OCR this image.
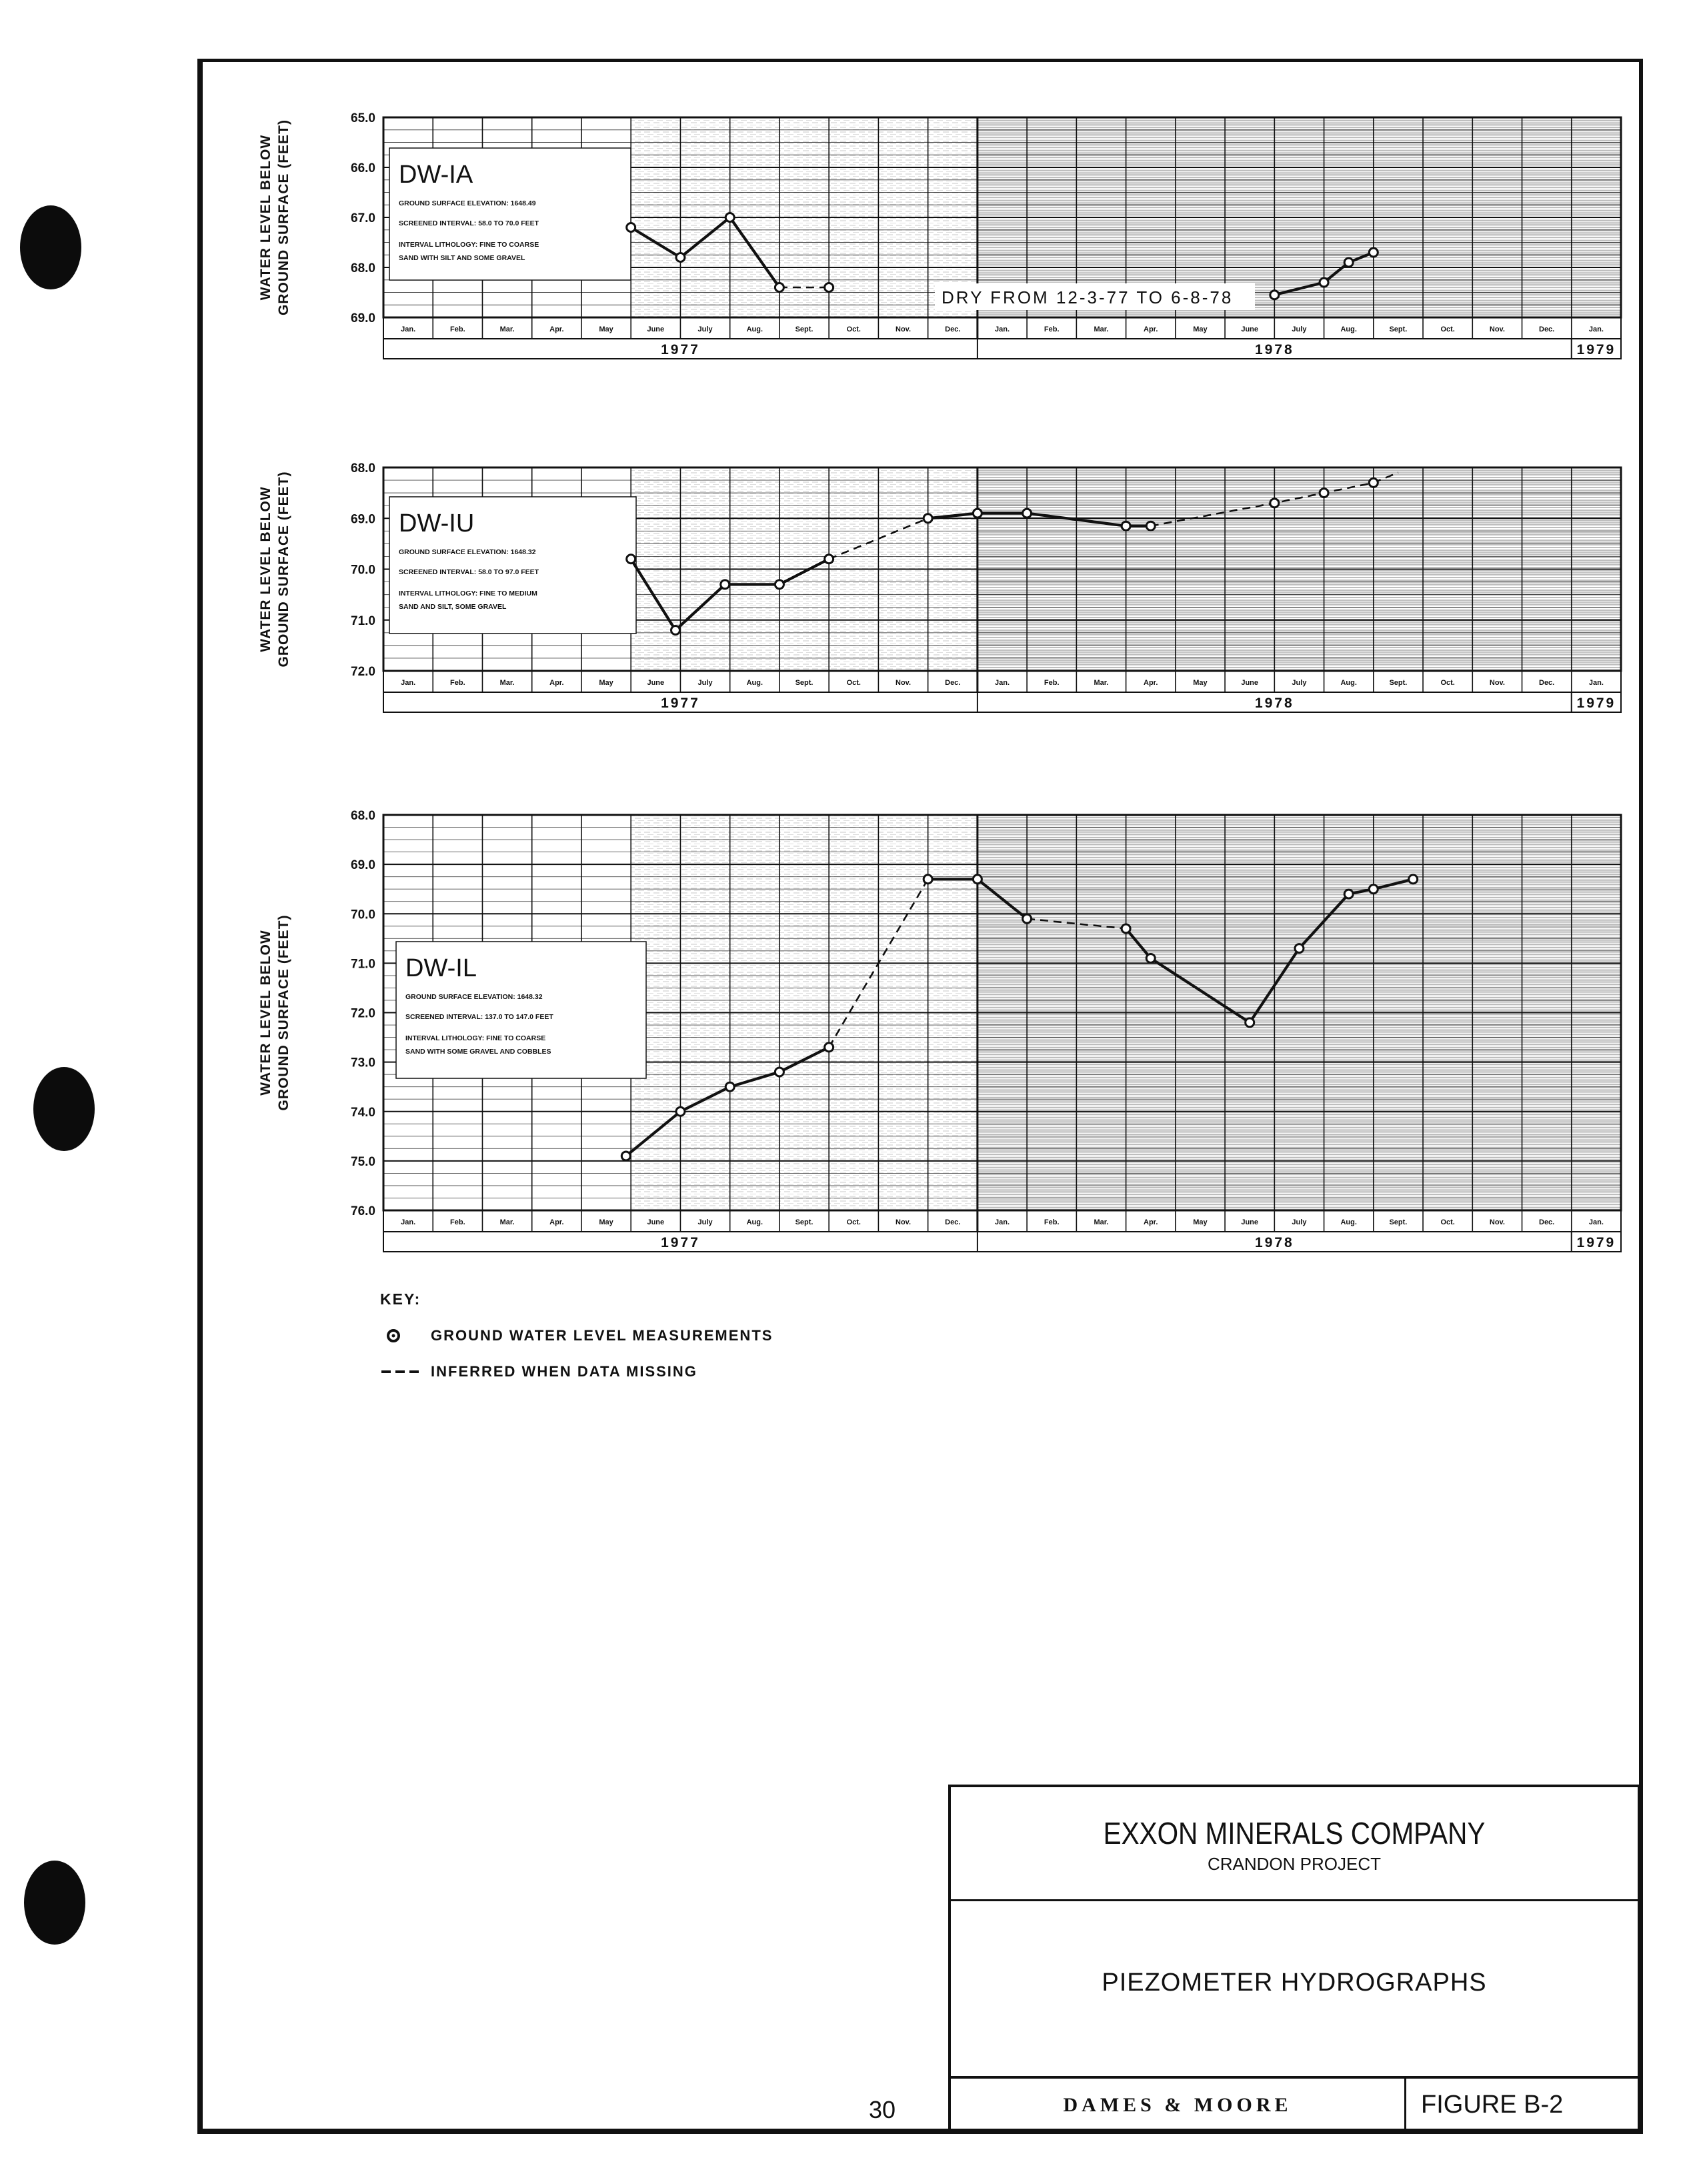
65.0
66.0
67.0
68.0
69.0
Jan.	Feb.	Mar.	Apr.	May	June	July	Aug.	Sept.	Oct.	Nov.	Dec.	Jan.	Feb.	Mar.	Apr.	May	June	July	Aug.	Sept.	Oct.	Nov.	Dec.	Jan.
1977	1978	1979
WATER LEVEL BELOW GROUND SURFACE (FEET)	DW-IA
GROUND SURFACE ELEVATION: 1648.49
SCREENED INTERVAL: 58.0 TO 70.0 FEET
INTERVAL LITHOLOGY: FINE TO COARSE
SAND WITH SILT AND SOME GRAVEL
DRY FROM 12-3-77 TO 6-8-78
68.0
69.0
70.0
71.0
72.0
Jan.	Feb.	Mar.	Apr.	May	June	July	Aug.	Sept.	Oct.	Nov.	Dec.	Jan.	Feb.	Mar.	Apr.	May	June	July	Aug.	Sept.	Oct.	Nov.	Dec.	Jan.
1977	1978	1979
WATER LEVEL BELOW GROUND SURFACE (FEET)	DW-IU
GROUND SURFACE ELEVATION: 1648.32
SCREENED INTERVAL: 58.0 TO 97.0 FEET
INTERVAL LITHOLOGY: FINE TO MEDIUM
SAND AND SILT, SOME GRAVEL
68.0
69.0
70.0
71.0
72.0
73.0
74.0
75.0
76.0
Jan.	Feb.	Mar.	Apr.	May	June	July	Aug.	Sept.	Oct.	Nov.	Dec.	Jan.	Feb.	Mar.	Apr.	May	June	July	Aug.	Sept.	Oct.	Nov.	Dec.	Jan.
1977	1978	1979
WATER LEVEL BELOW GROUND SURFACE (FEET)	DW-IL
GROUND SURFACE ELEVATION: 1648.32
SCREENED INTERVAL: 137.0 TO 147.0 FEET
INTERVAL LITHOLOGY: FINE TO COARSE
SAND WITH SOME GRAVEL AND COBBLES
KEY:
GROUND WATER LEVEL MEASUREMENTS
INFERRED WHEN DATA MISSING
EXXON MINERALS COMPANY
CRANDON PROJECT
PIEZOMETER HYDROGRAPHS
DAMES & MOORE	FIGURE B-2
30
